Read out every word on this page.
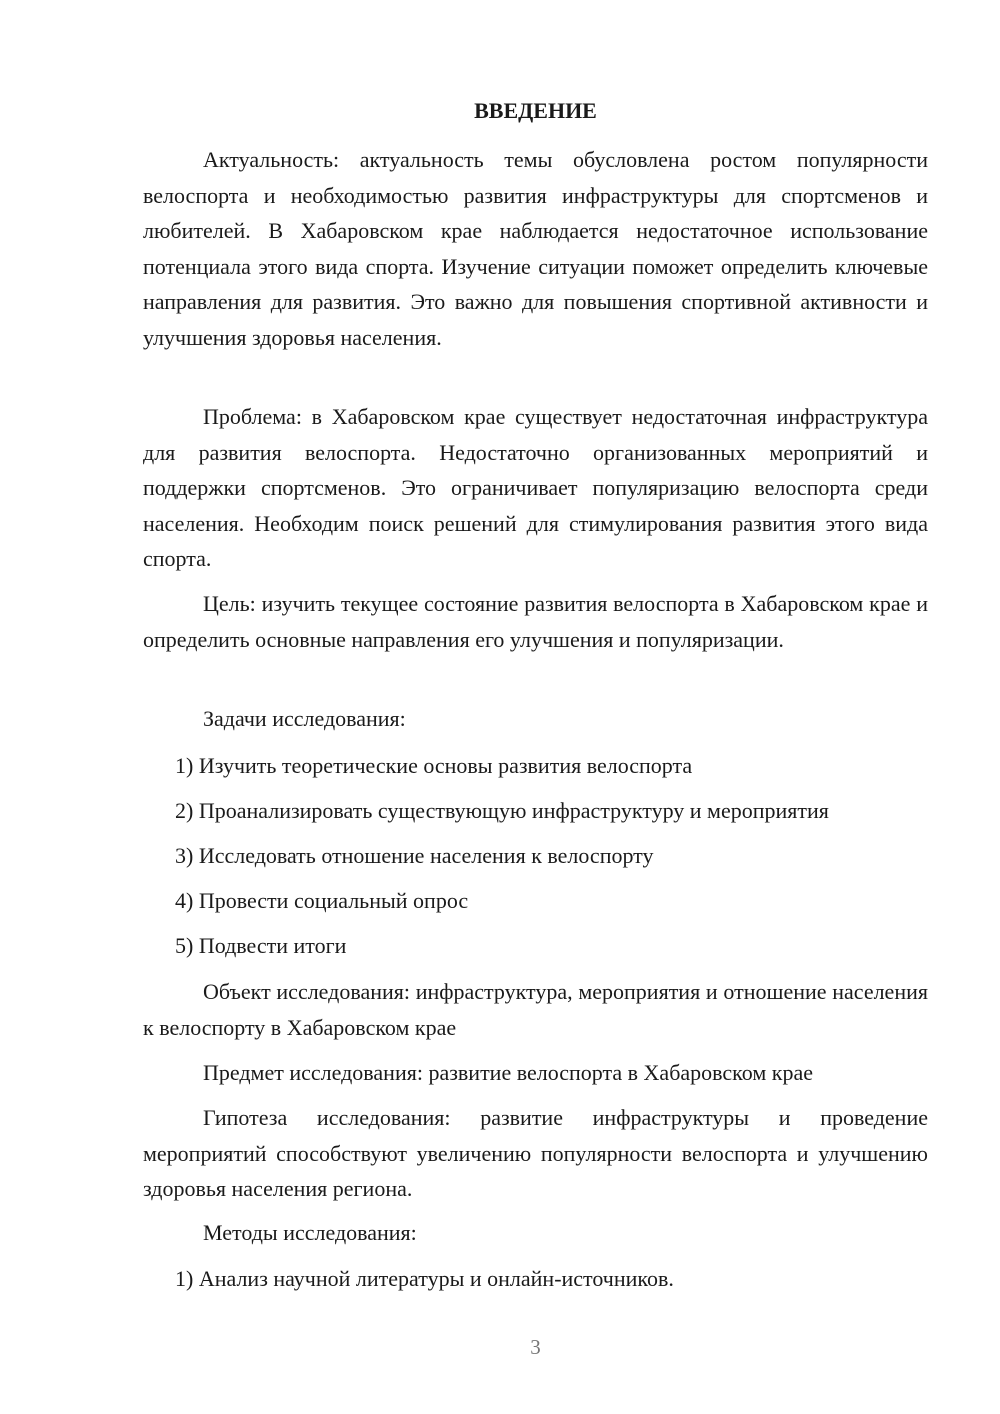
ВВЕДЕНИЕ

Актуальность: актуальность темы обусловлена ростом популярности велоспорта и необходимостью развития инфраструктуры для спортсменов и любителей. В Хабаровском крае наблюдается недостаточное использование потенциала этого вида спорта. Изучение ситуации поможет определить ключевые направления для развития. Это важно для повышения спортивной активности и улучшения здоровья населения.

Проблема: в Хабаровском крае существует недостаточная инфраструктура для развития велоспорта. Недостаточно организованных мероприятий и поддержки спортсменов. Это ограничивает популяризацию велоспорта среди населения. Необходим поиск решений для стимулирования развития этого вида спорта.

Цель: изучить текущее состояние развития велоспорта в Хабаровском крае и определить основные направления его улучшения и популяризации.

Задачи исследования:

1) Изучить теоретические основы развития велоспорта

2) Проанализировать существующую инфраструктуру и мероприятия

3) Исследовать отношение населения к велоспорту

4) Провести социальный опрос

5) Подвести итоги

Объект исследования: инфраструктура, мероприятия и отношение населения к велоспорту в Хабаровском крае

Предмет исследования: развитие велоспорта в Хабаровском крае

Гипотеза исследования: развитие инфраструктуры и проведение мероприятий способствуют увеличению популярности велоспорта и улучшению здоровья населения региона.

Методы исследования:

1) Анализ научной литературы и онлайн-источников.

3
